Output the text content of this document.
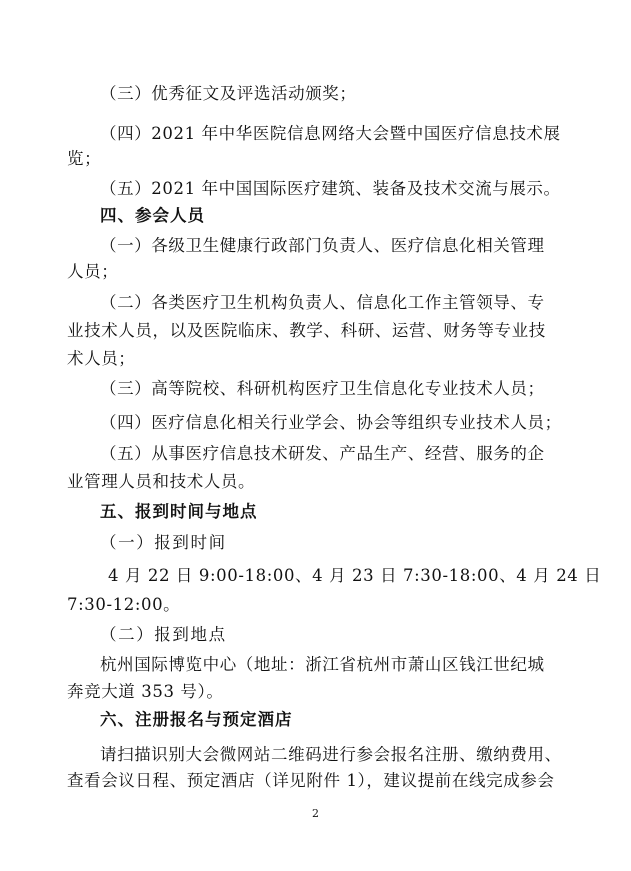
（三）优秀征文及评选活动颁奖；
（四）2021 年中华医院信息网络大会暨中国医疗信息技术展
览；
（五）2021 年中国国际医疗建筑、装备及技术交流与展示。
四、参会人员
（一）各级卫生健康行政部门负责人、医疗信息化相关管理
人员；
（二）各类医疗卫生机构负责人、信息化工作主管领导、专
业技术人员，以及医院临床、教学、科研、运营、财务等专业技
术人员；
（三）高等院校、科研机构医疗卫生信息化专业技术人员；
（四）医疗信息化相关行业学会、协会等组织专业技术人员；
（五）从事医疗信息技术研发、产品生产、经营、服务的企
业管理人员和技术人员。
五、报到时间与地点
（一）报到时间
4 月 22 日 9:00-18:00、4 月 23 日 7:30-18:00、4 月 24 日
7:30-12:00。
（二）报到地点
杭州国际博览中心（地址：浙江省杭州市萧山区钱江世纪城
奔竞大道 353 号）。
六、注册报名与预定酒店
请扫描识别大会微网站二维码进行参会报名注册、缴纳费用、
查看会议日程、预定酒店（详见附件 1），建议提前在线完成参会
2
